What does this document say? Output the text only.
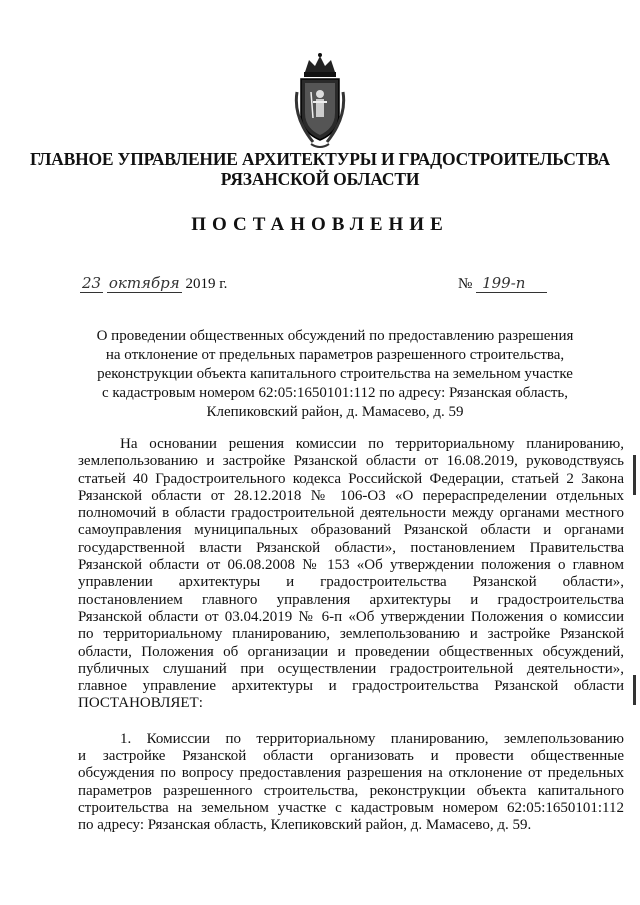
ГЛАВНОЕ УПРАВЛЕНИЕ АРХИТЕКТУРЫ И ГРАДОСТРОИТЕЛЬСТВА
РЯЗАНСКОЙ ОБЛАСТИ
ПОСТАНОВЛЕНИЕ
23 октября 2019 г.	№ 199-п
О проведении общественных обсуждений по предоставлению разрешения
на отклонение от предельных параметров разрешенного строительства,
реконструкции объекта капитального строительства на земельном участке
с кадастровым номером 62:05:1650101:112 по адресу: Рязанская область,
Клепиковский район, д. Мамасево, д. 59
На основании решения комиссии по территориальному планированию,
землепользованию и застройке Рязанской области от 16.08.2019, руководствуясь
статьей 40 Градостроительного кодекса Российской Федерации, статьей 2 Закона
Рязанской области от 28.12.2018 № 106-ОЗ «О перераспределении отдельных
полномочий в области градостроительной деятельности между органами местного
самоуправления муниципальных образований Рязанской области и органами
государственной власти Рязанской области», постановлением Правительства
Рязанской области от 06.08.2008 № 153 «Об утверждении положения о главном
управлении архитектуры и градостроительства Рязанской области»,
постановлением главного управления архитектуры и градостроительства
Рязанской области от 03.04.2019 № 6-п «Об утверждении Положения о комиссии
по территориальному планированию, землепользованию и застройке Рязанской
области, Положения об организации и проведении общественных обсуждений,
публичных слушаний при осуществлении градостроительной деятельности»,
главное управление архитектуры и градостроительства Рязанской области
ПОСТАНОВЛЯЕТ:
1. Комиссии по территориальному планированию, землепользованию
и застройке Рязанской области организовать и провести общественные
обсуждения по вопросу предоставления разрешения на отклонение от предельных
параметров разрешенного строительства, реконструкции объекта капитального
строительства на земельном участке с кадастровым номером 62:05:1650101:112
по адресу: Рязанская область, Клепиковский район, д. Мамасево, д. 59.
